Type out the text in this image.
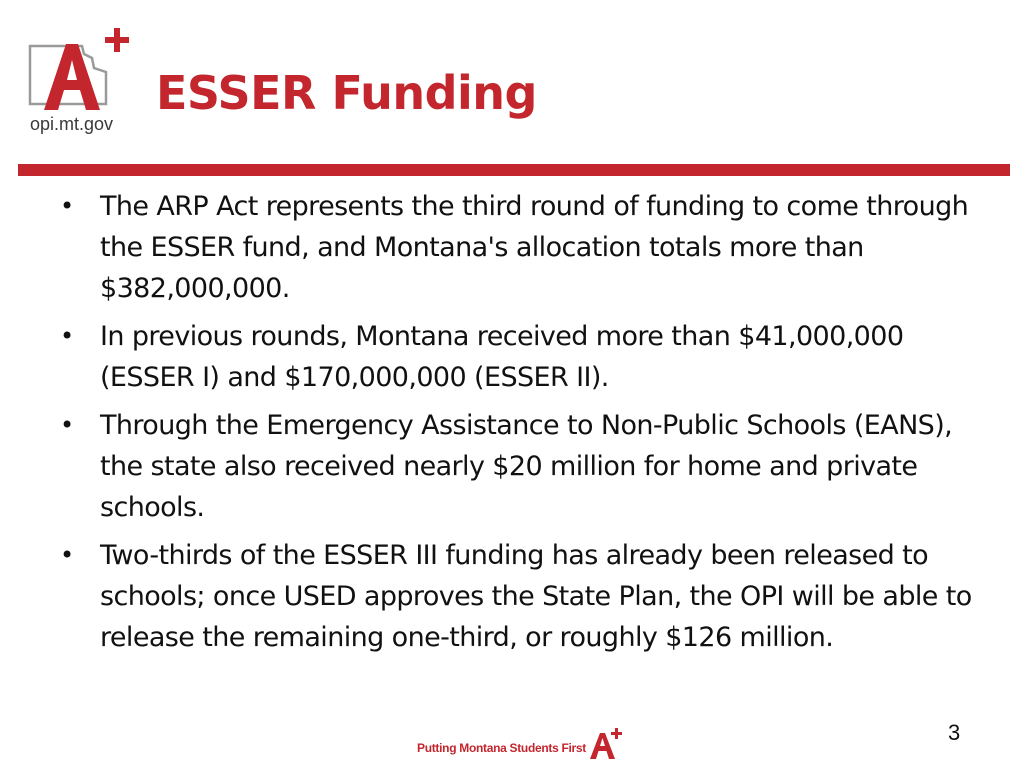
opi.mt.gov
ESSER Funding
• The ARP Act represents the third round of funding to come through the ESSER fund, and Montana's allocation totals more than $382,000,000.
• In previous rounds, Montana received more than $41,000,000 (ESSER I) and $170,000,000 (ESSER II).
• Through the Emergency Assistance to Non-Public Schools (EANS), the state also received nearly $20 million for home and private schools.
• Two-thirds of the ESSER III funding has already been released to schools; once USED approves the State Plan, the OPI will be able to release the remaining one-third, or roughly $126 million.
3
Putting Montana Students First
